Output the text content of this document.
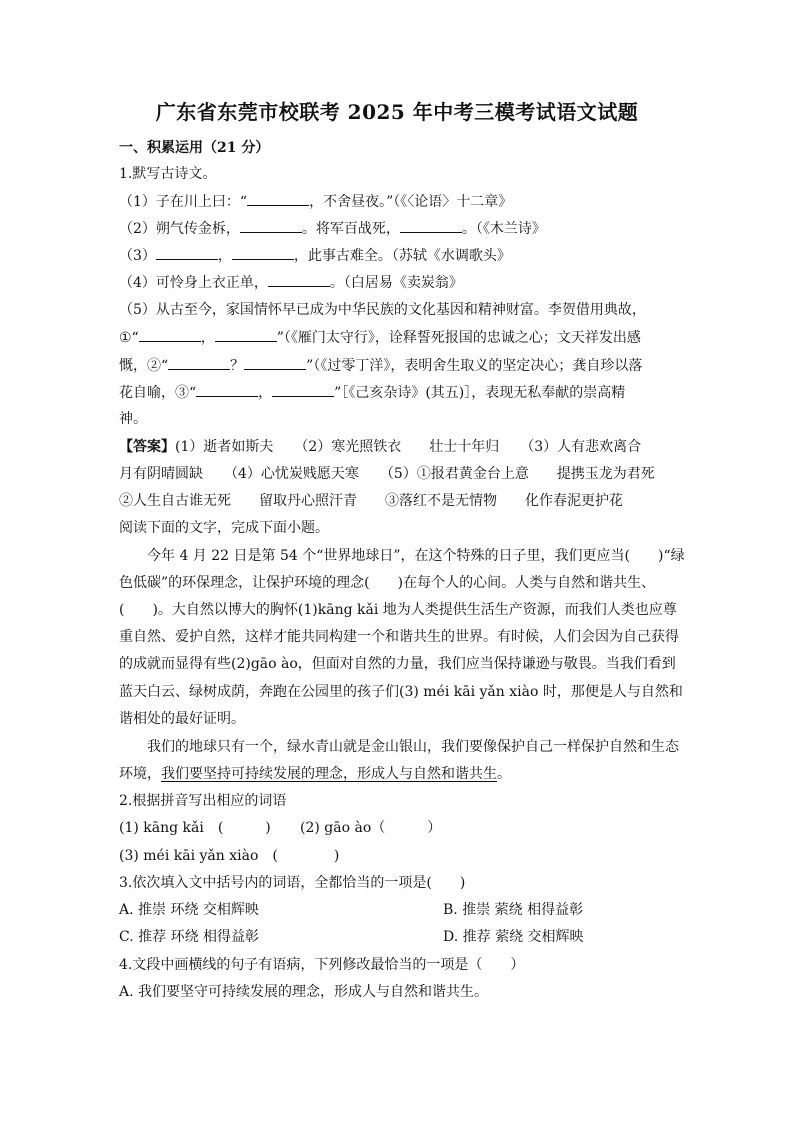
广东省东莞市校联考 2025 年中考三模考试语文试题
一、积累运用（21 分）
1.默写古诗文。
（1）子在川上曰：“	，不舍昼夜。”（《〈论语〉十二章》
（2）朔气传金柝，	。将军百战死，	。（《木兰诗》
（3）	，	，此事古难全。（苏轼《水调歌头》
（4）可怜身上衣正单，	。（白居易《卖炭翁》
（5）从古至今，家国情怀早已成为中华民族的文化基因和精神财富。李贺借用典故，
①“	，	”（《雁门太守行》，诠释誓死报国的忠诚之心；文天祥发出感
慨，②“	？	”（《过零丁洋》，表明舍生取义的坚定决心；龚自珍以落
花自喻，③“	，	”［《己亥杂诗》(其五)］，表现无私奉献的崇高精
神。
【答案】(1）逝者如斯夫　　（2）寒光照铁衣　　壮士十年归　　（3）人有悲欢离合
月有阴晴圆缺　　（4）心忧炭贱愿天寒　　（5）①报君黄金台上意　　提携玉龙为君死
②人生自古谁无死　　留取丹心照汗青　　③落红不是无情物　　化作春泥更护花
阅读下面的文字，完成下面小题。
今年 4 月 22 日是第 54 个“世界地球日”，在这个特殊的日子里，我们更应当(　　)“绿
色低碳”的环保理念，让保护环境的理念(　　)在每个人的心间。人类与自然和谐共生、
(　　)。大自然以博大的胸怀(1)kāng kǎi 地为人类提供生活生产资源，而我们人类也应尊
重自然、爱护自然，这样才能共同构建一个和谐共生的世界。有时候，人们会因为自己获得
的成就而显得有些(2)gāo ào，但面对自然的力量，我们应当保持谦逊与敬畏。当我们看到
蓝天白云、绿树成荫，奔跑在公园里的孩子们(3) méi kāi yǎn xiào 时，那便是人与自然和
谐相处的最好证明。
我们的地球只有一个，绿水青山就是金山银山，我们要像保护自己一样保护自然和生态
环境，我们要坚持可持续发展的理念，形成人与自然和谐共生。
2.根据拼音写出相应的词语
(1) kāng kǎi　(　　　) (2) gāo ào（　　　）
(3) méi kāi yǎn xiào　(　　　　)
3.依次填入文中括号内的词语，全都恰当的一项是(　　)
A. 推崇 环绕 交相辉映	B. 推崇 萦绕 相得益彰
C. 推荐 环绕 相得益彰	D. 推荐 萦绕 交相辉映
4.文段中画横线的句子有语病，下列修改最恰当的一项是（　　）
A. 我们要坚守可持续发展的理念，形成人与自然和谐共生。
